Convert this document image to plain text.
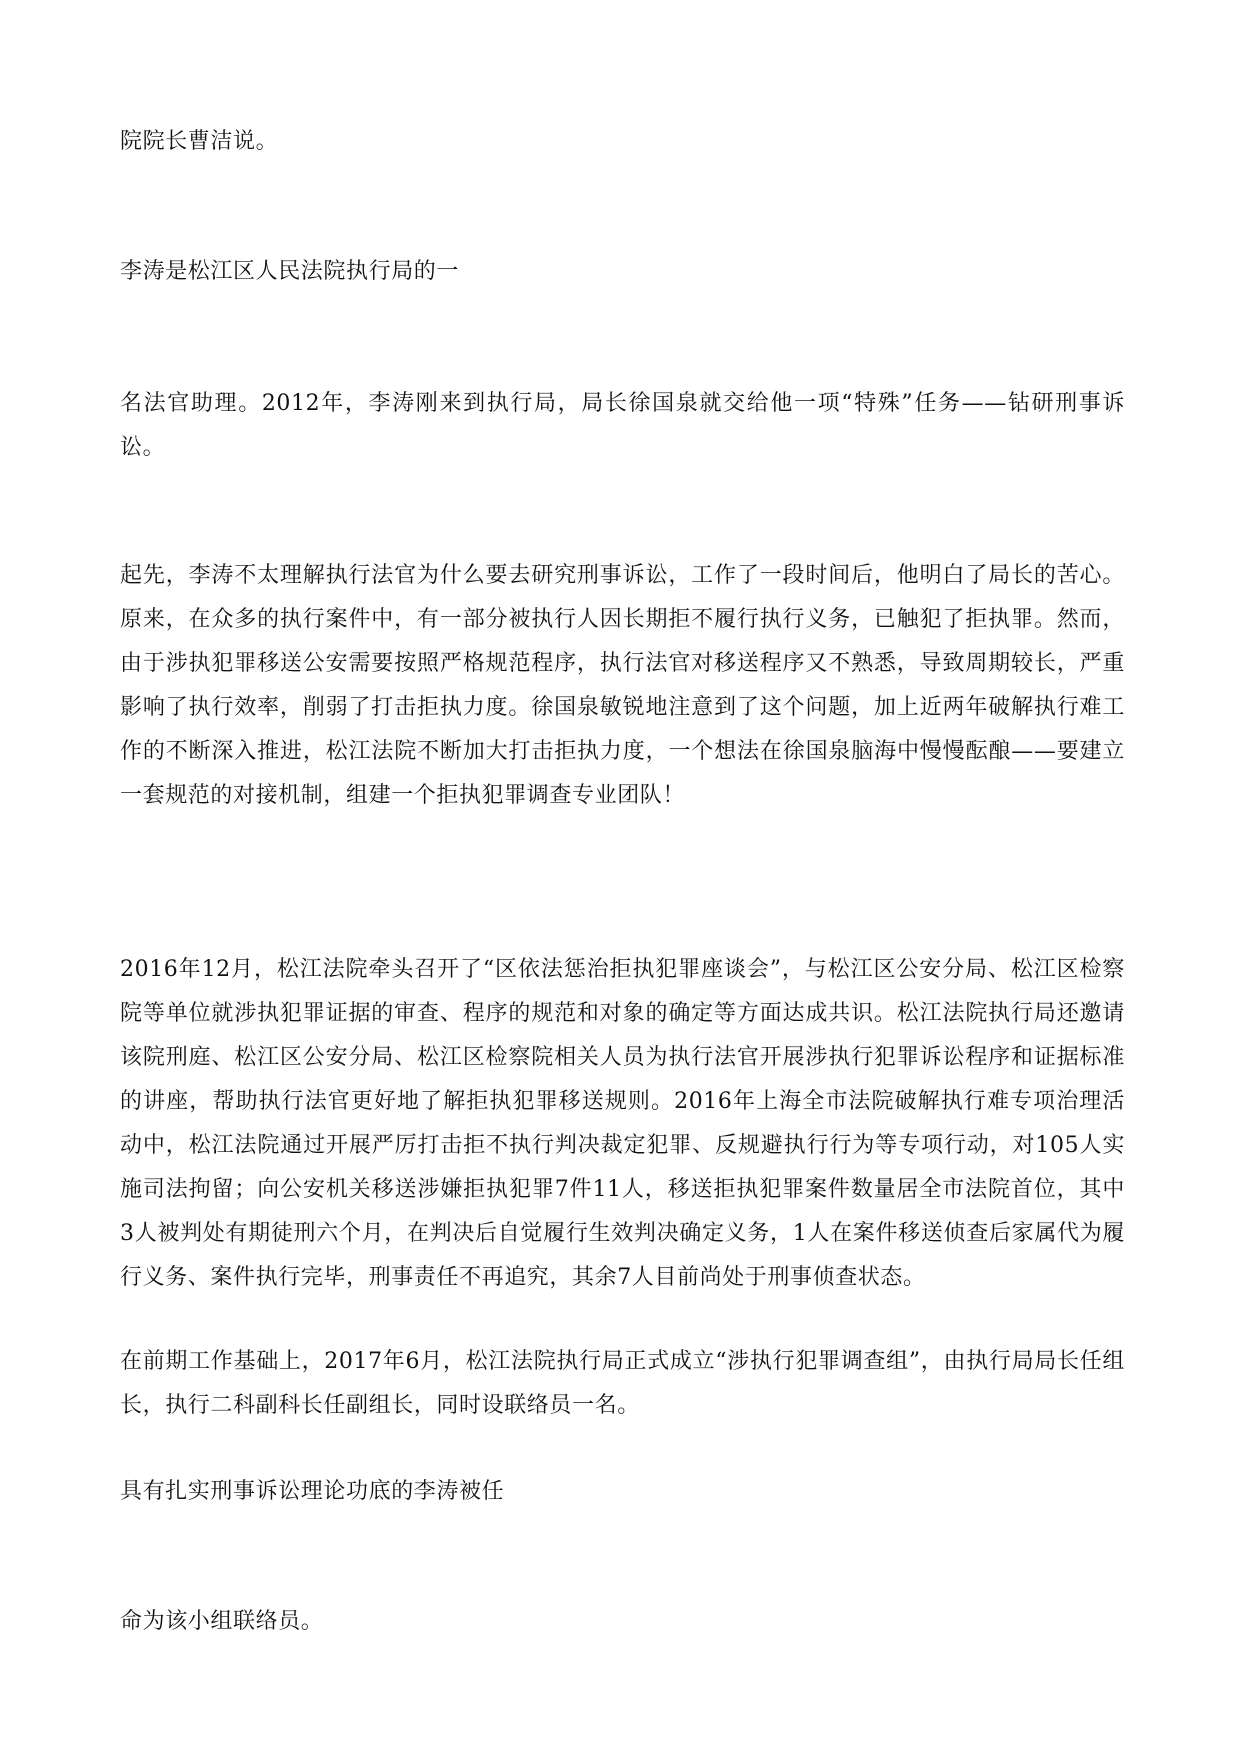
院院长曹洁说。

李涛是松江区人民法院执行局的一

名法官助理。2012年，李涛刚来到执行局，局长徐国泉就交给他一项“特殊”任务——钻研刑事诉讼。

起先，李涛不太理解执行法官为什么要去研究刑事诉讼，工作了一段时间后，他明白了局长的苦心。原来，在众多的执行案件中，有一部分被执行人因长期拒不履行执行义务，已触犯了拒执罪。然而，由于涉执犯罪移送公安需要按照严格规范程序，执行法官对移送程序又不熟悉，导致周期较长，严重影响了执行效率，削弱了打击拒执力度。徐国泉敏锐地注意到了这个问题，加上近两年破解执行难工作的不断深入推进，松江法院不断加大打击拒执力度，一个想法在徐国泉脑海中慢慢酝酿——要建立一套规范的对接机制，组建一个拒执犯罪调查专业团队！

2016年12月，松江法院牵头召开了“区依法惩治拒执犯罪座谈会”，与松江区公安分局、松江区检察院等单位就涉执犯罪证据的审查、程序的规范和对象的确定等方面达成共识。松江法院执行局还邀请该院刑庭、松江区公安分局、松江区检察院相关人员为执行法官开展涉执行犯罪诉讼程序和证据标准的讲座，帮助执行法官更好地了解拒执犯罪移送规则。2016年上海全市法院破解执行难专项治理活动中，松江法院通过开展严厉打击拒不执行判决裁定犯罪、反规避执行行为等专项行动，对105人实施司法拘留；向公安机关移送涉嫌拒执犯罪7件11人，移送拒执犯罪案件数量居全市法院首位，其中3人被判处有期徒刑六个月，在判决后自觉履行生效判决确定义务，1人在案件移送侦查后家属代为履行义务、案件执行完毕，刑事责任不再追究，其余7人目前尚处于刑事侦查状态。

在前期工作基础上，2017年6月，松江法院执行局正式成立“涉执行犯罪调查组”，由执行局局长任组长，执行二科副科长任副组长，同时设联络员一名。

具有扎实刑事诉讼理论功底的李涛被任

命为该小组联络员。
